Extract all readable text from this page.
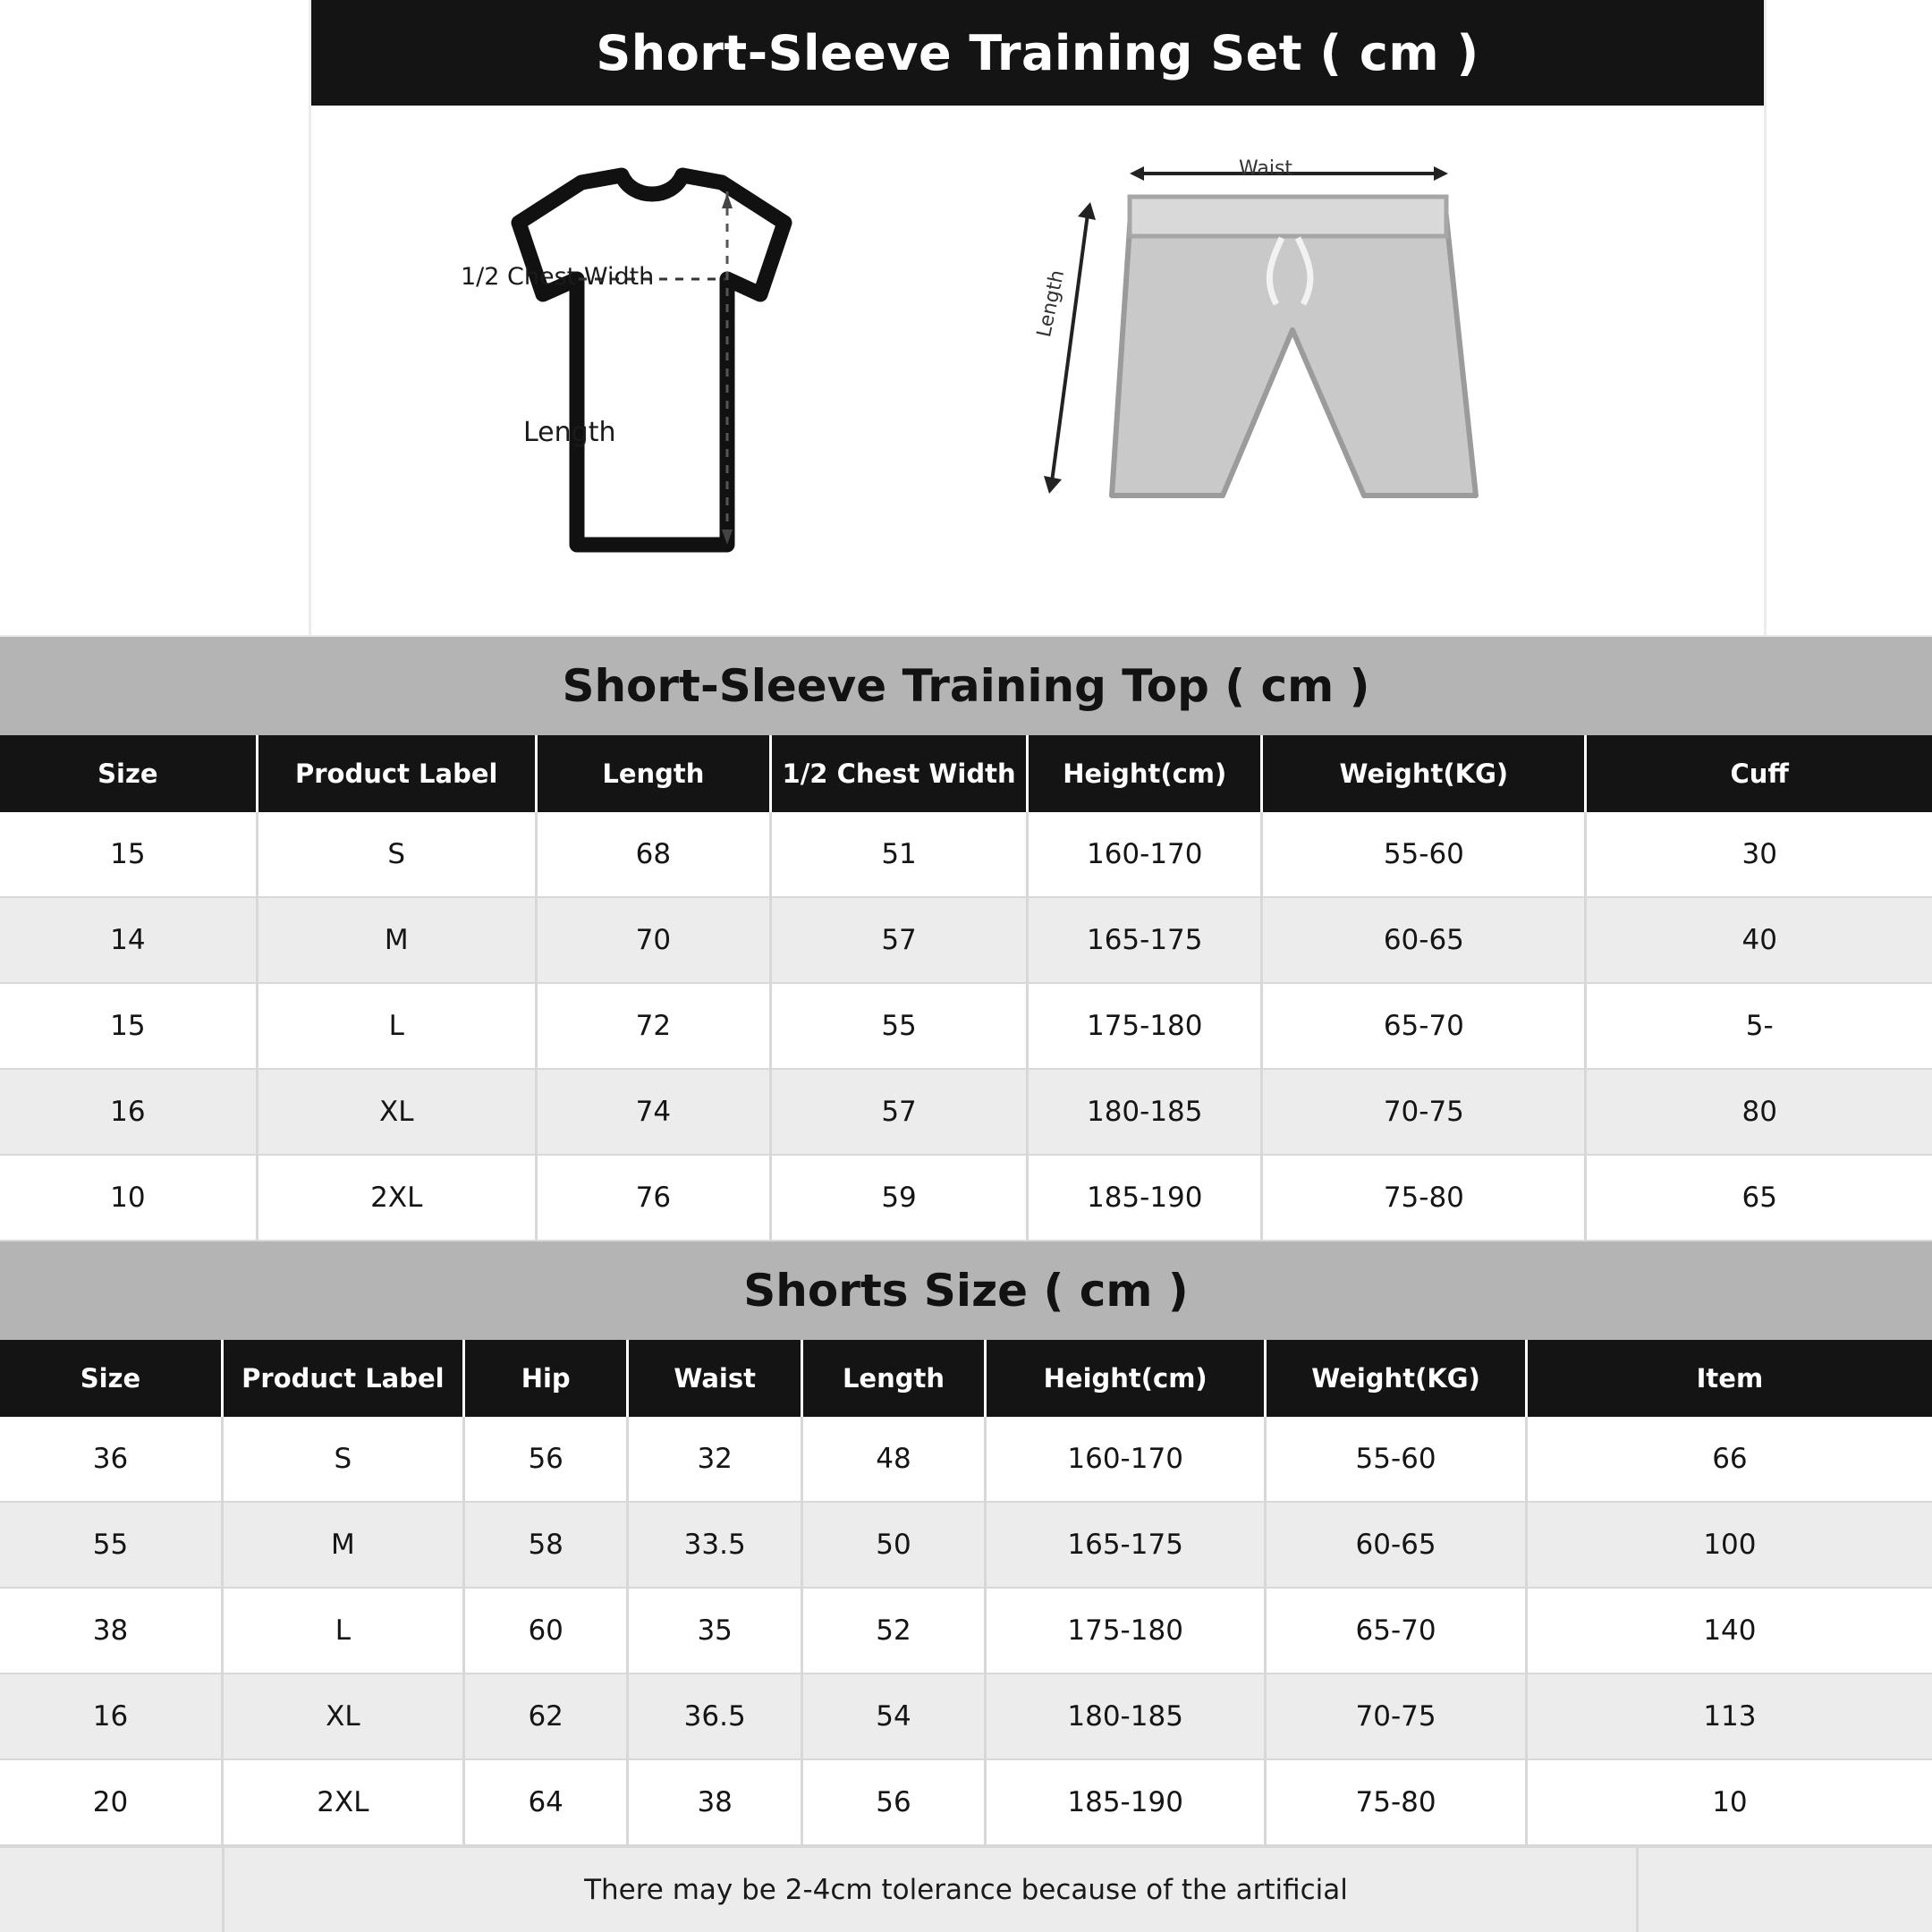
Short-Sleeve Training Set ( cm )
1/2 Chest Width
Length
Waist
Length
Short-Sleeve Training Top ( cm )
Size	Product Label	Length	1/2 Chest Width	Height(cm)	Weight(KG)	Cuff
15	S	68	51	160-170	55-60	30
14	M	70	57	165-175	60-65	40
15	L	72	55	175-180	65-70	5-
16	XL	74	57	180-185	70-75	80
10	2XL	76	59	185-190	75-80	65
Shorts Size ( cm )
Size	Product Label	Hip	Waist	Length	Height(cm)	Weight(KG)	Item
36	S	56	32	48	160-170	55-60	66
55	M	58	33.5	50	165-175	60-65	100
38	L	60	35	52	175-180	65-70	140
16	XL	62	36.5	54	180-185	70-75	113
20	2XL	64	38	56	185-190	75-80	10
There may be 2-4cm tolerance because of the artificial
